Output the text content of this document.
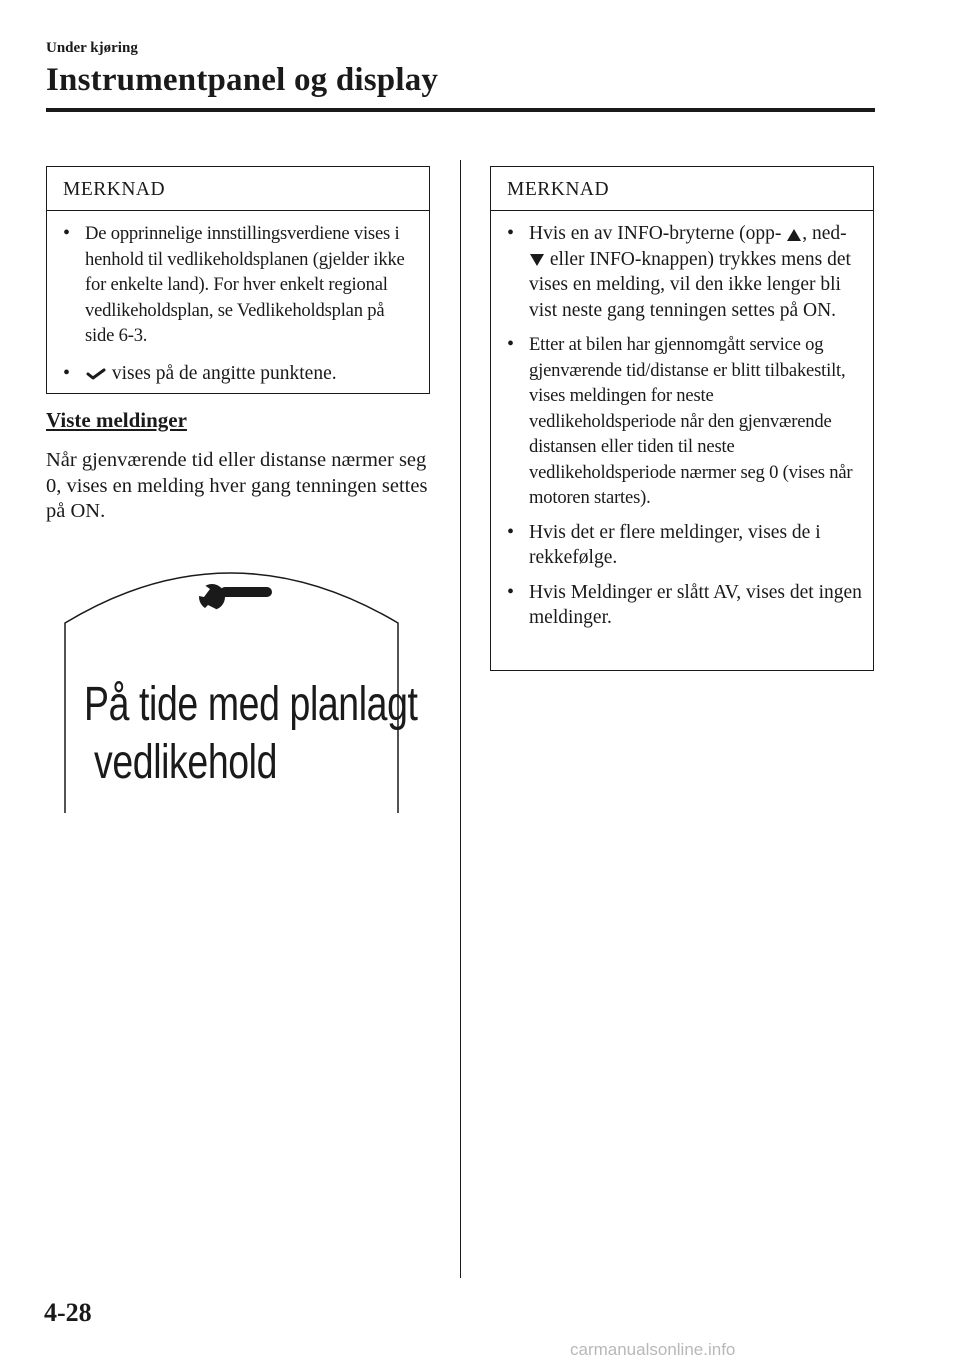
Under kjøring
Instrumentpanel og display
MERKNAD
• De opprinnelige innstillingsverdiene vises i henhold til vedlikeholdsplanen (gjelder ikke for enkelte land). For hver enkelt regional vedlikeholdsplan, se Vedlikeholdsplan på side 6-3.
• vises på de angitte punktene.
Viste meldinger
Når gjenværende tid eller distanse nærmer seg 0, vises en melding hver gang tenningen settes på ON.
På tide med planlagt
vedlikehold
MERKNAD
• Hvis en av INFO-bryterne (opp- , ned-  eller INFO-knappen) trykkes mens det vises en melding, vil den ikke lenger bli vist neste gang tenningen settes på ON.
• Etter at bilen har gjennomgått service og gjenværende tid/distanse er blitt tilbakestilt, vises meldingen for neste vedlikeholdsperiode når den gjenværende distansen eller tiden til neste vedlikeholdsperiode nærmer seg 0 (vises når motoren startes).
• Hvis det er flere meldinger, vises de i rekkefølge.
• Hvis Meldinger er slått AV, vises det ingen meldinger.
4-28
carmanualsonline.info
